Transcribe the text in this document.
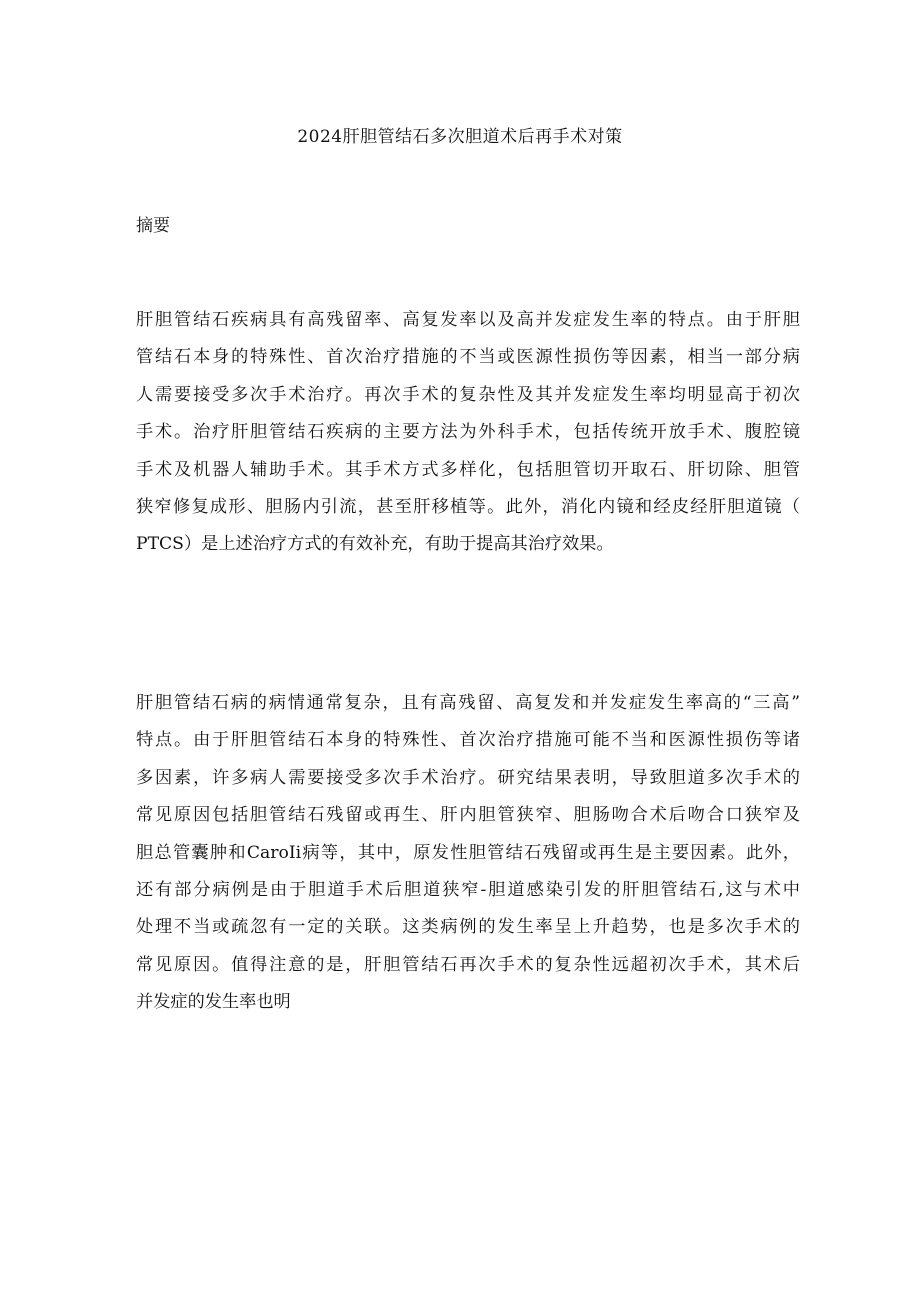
2024肝胆管结石多次胆道术后再手术对策
摘要
肝胆管结石疾病具有高残留率、高复发率以及高并发症发生率的特点。由于肝胆
管结石本身的特殊性、首次治疗措施的不当或医源性损伤等因素，相当一部分病
人需要接受多次手术治疗。再次手术的复杂性及其并发症发生率均明显高于初次
手术。治疗肝胆管结石疾病的主要方法为外科手术，包括传统开放手术、腹腔镜
手术及机器人辅助手术。其手术方式多样化，包括胆管切开取石、肝切除、胆管
狭窄修复成形、胆肠内引流，甚至肝移植等。此外，消化内镜和经皮经肝胆道镜（
PTCS）是上述治疗方式的有效补充，有助于提高其治疗效果。
肝胆管结石病的病情通常复杂，且有高残留、高复发和并发症发生率高的“三高”
特点。由于肝胆管结石本身的特殊性、首次治疗措施可能不当和医源性损伤等诸
多因素，许多病人需要接受多次手术治疗。研究结果表明，导致胆道多次手术的
常见原因包括胆管结石残留或再生、肝内胆管狭窄、胆肠吻合术后吻合口狭窄及
胆总管囊肿和CaroIi病等，其中，原发性胆管结石残留或再生是主要因素。此外，
还有部分病例是由于胆道手术后胆道狭窄-胆道感染引发的肝胆管结石,这与术中
处理不当或疏忽有一定的关联。这类病例的发生率呈上升趋势，也是多次手术的
常见原因。值得注意的是，肝胆管结石再次手术的复杂性远超初次手术，其术后
并发症的发生率也明
